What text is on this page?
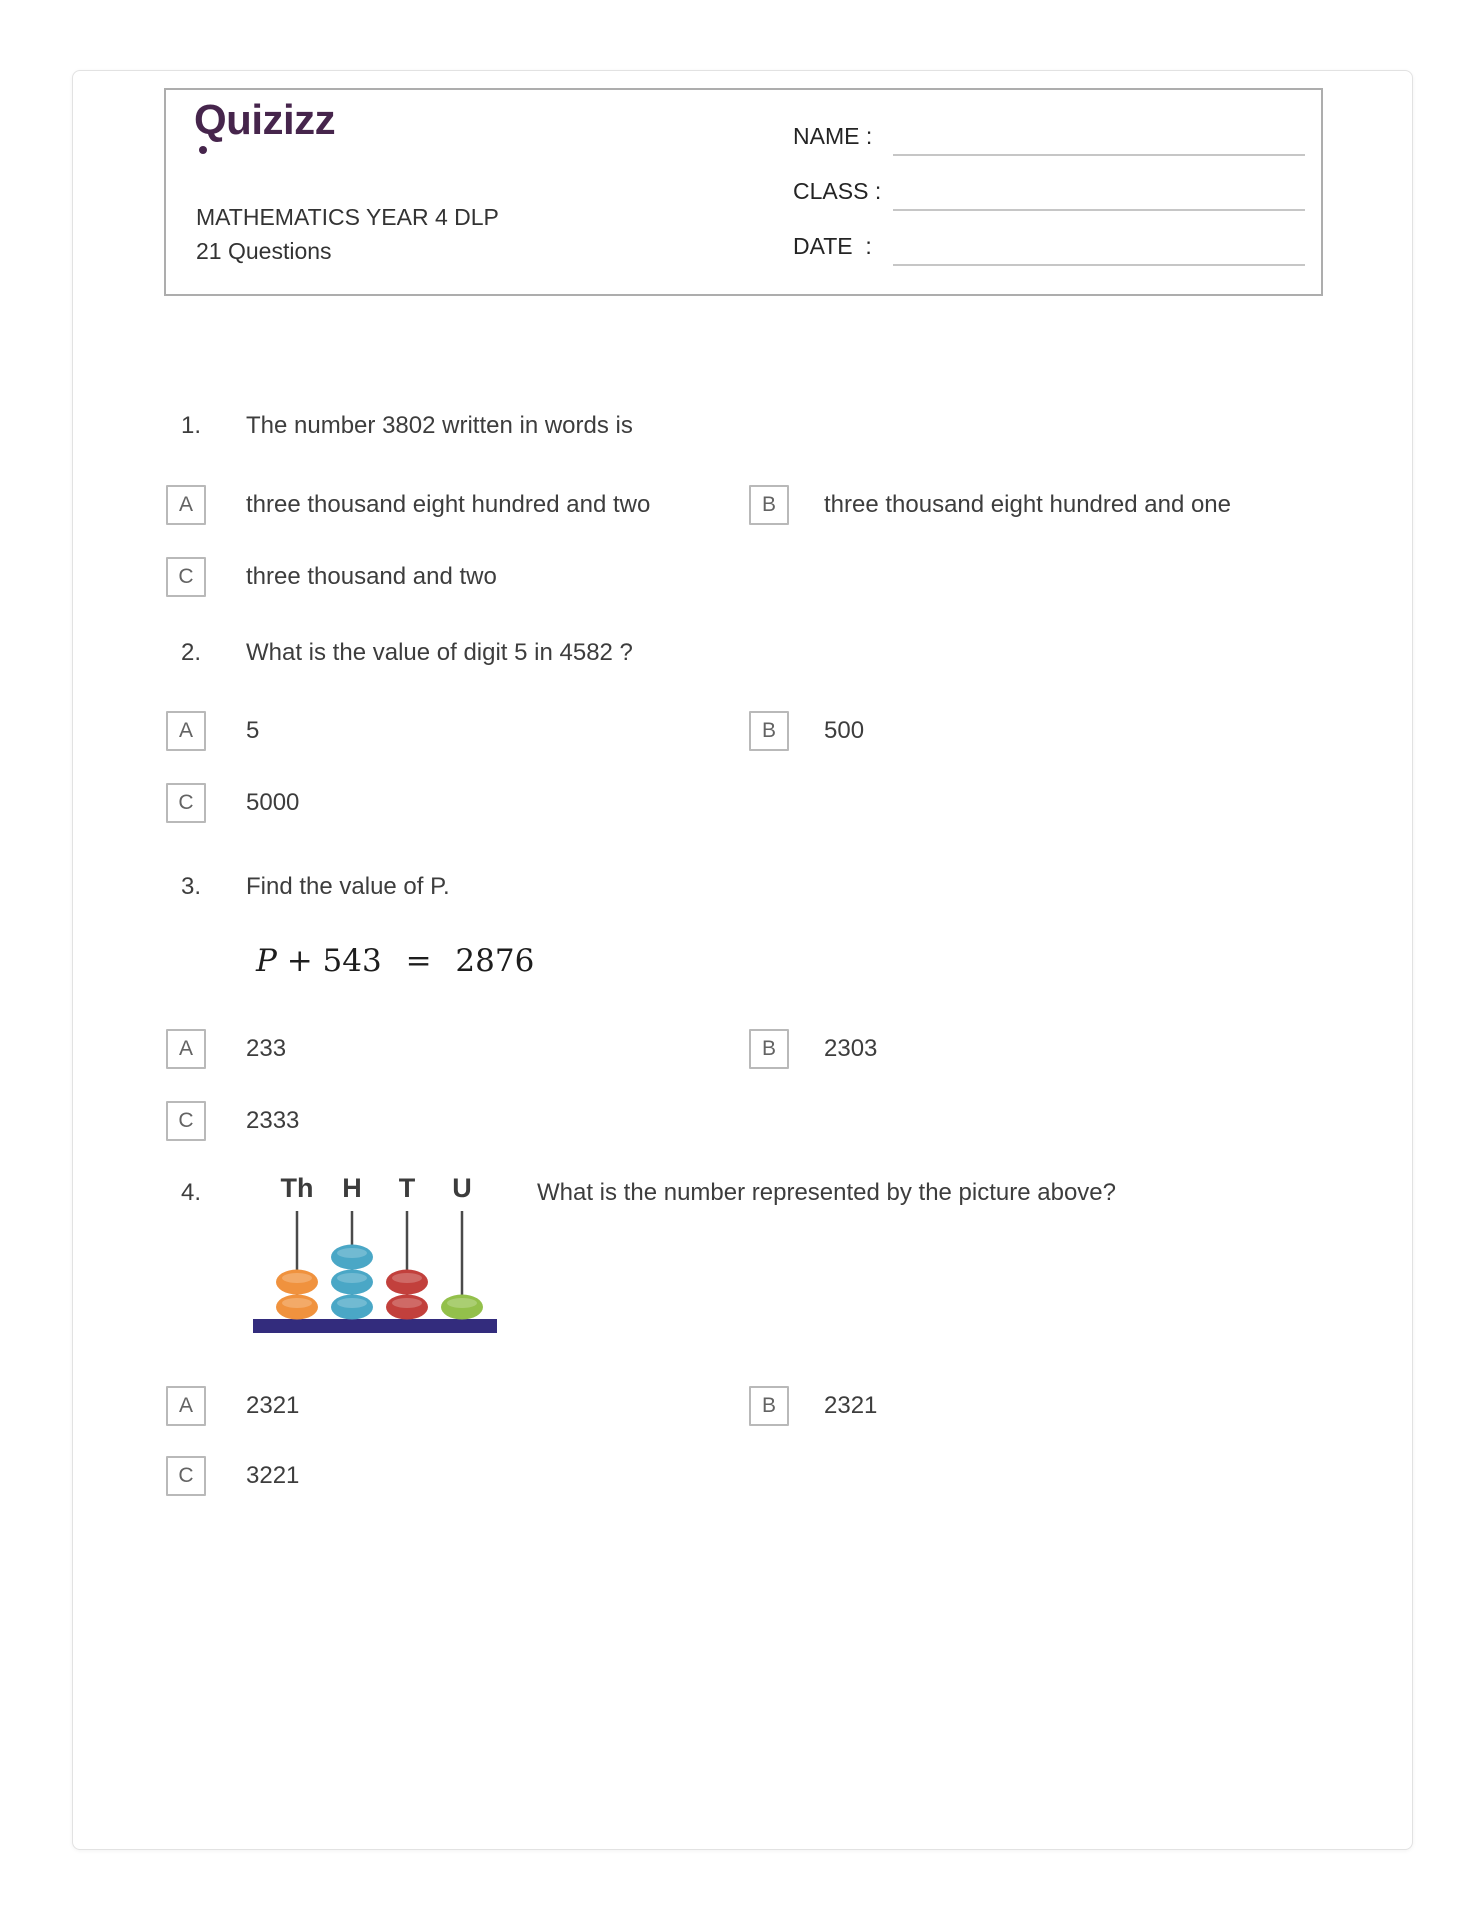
Quizizz
MATHEMATICS YEAR 4 DLP
21 Questions
NAME :
CLASS :
DATE  :
1. The number 3802 written in words is
A	three thousand eight hundred and two	B	three thousand eight hundred and one
C	three thousand and two
2. What is the value of digit 5 in 4582 ?
A	5	B	500
C	5000
3. Find the value of P.
P + 543 = 2876
A	233	B	2303
C	2333
4.	Th H T U	What is the number represented by the picture above?
A	2321	B	2321
C	3221
